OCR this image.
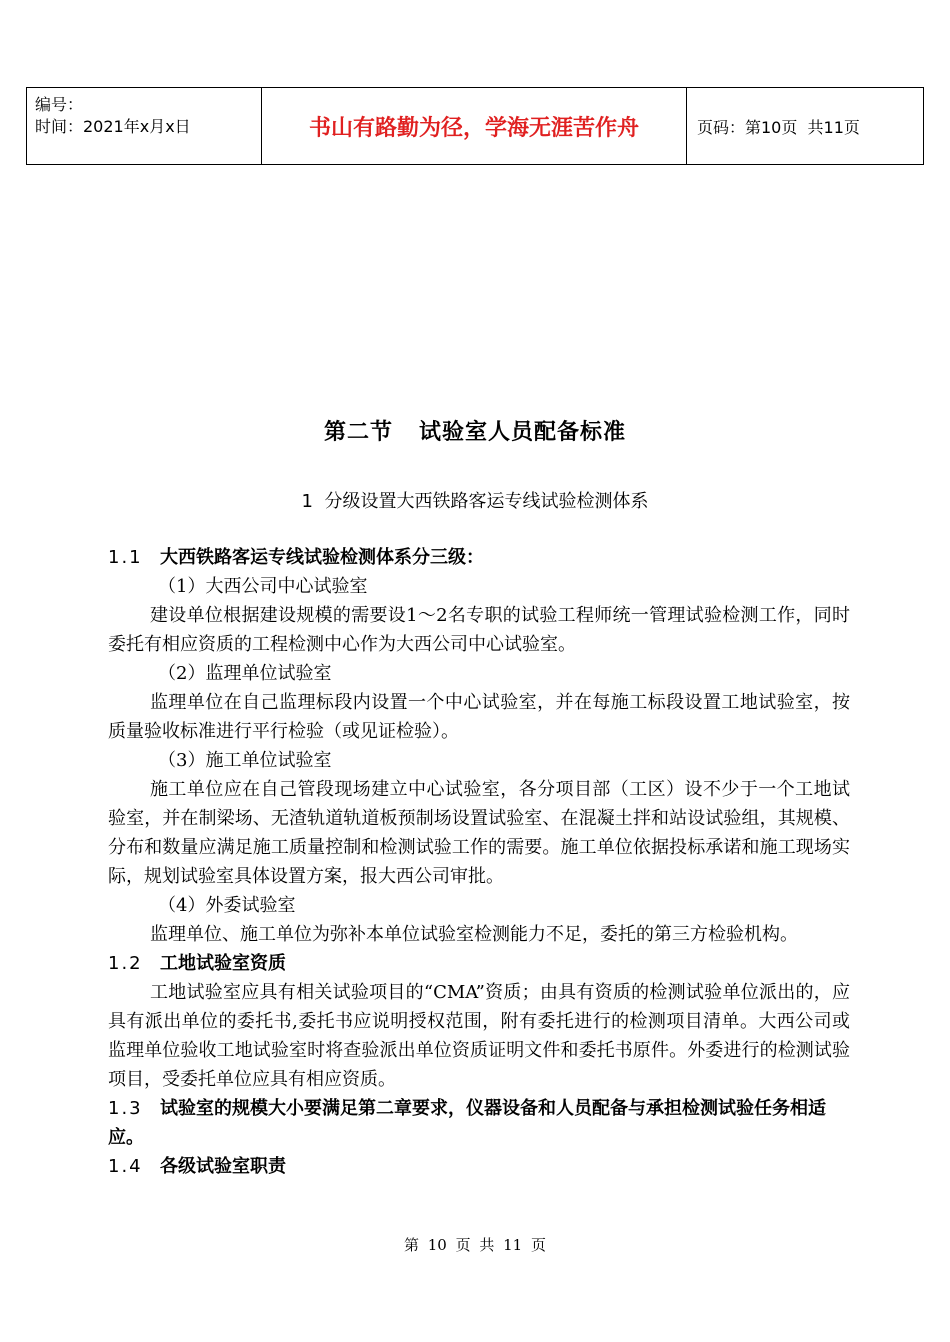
编号：
时间：2021年x月x日	书山有路勤为径，学海无涯苦作舟	页码：第10页  共11页
第二节   试验室人员配备标准
1  分级设置大西铁路客运专线试验检测体系

1.1 大西铁路客运专线试验检测体系分三级：

（1）大西公司中心试验室

建设单位根据建设规模的需要设1～2名专职的试验工程师统一管理试验检测工作，同时委托有相应资质的工程检测中心作为大西公司中心试验室。

（2）监理单位试验室

监理单位在自己监理标段内设置一个中心试验室，并在每施工标段设置工地试验室，按质量验收标准进行平行检验（或见证检验）。

（3）施工单位试验室

施工单位应在自己管段现场建立中心试验室，各分项目部（工区）设不少于一个工地试验室，并在制梁场、无渣轨道轨道板预制场设置试验室、在混凝土拌和站设试验组，其规模、分布和数量应满足施工质量控制和检测试验工作的需要。施工单位依据投标承诺和施工现场实际，规划试验室具体设置方案，报大西公司审批。

（4）外委试验室

监理单位、施工单位为弥补本单位试验室检测能力不足，委托的第三方检验机构。

1.2 工地试验室资质

工地试验室应具有相关试验项目的“CMA”资质；由具有资质的检测试验单位派出的，应具有派出单位的委托书,委托书应说明授权范围，附有委托进行的检测项目清单。大西公司或监理单位验收工地试验室时将查验派出单位资质证明文件和委托书原件。外委进行的检测试验项目，受委托单位应具有相应资质。

1.3 试验室的规模大小要满足第二章要求，仪器设备和人员配备与承担检测试验任务相适应。

1.4 各级试验室职责

第 10 页 共 11 页
